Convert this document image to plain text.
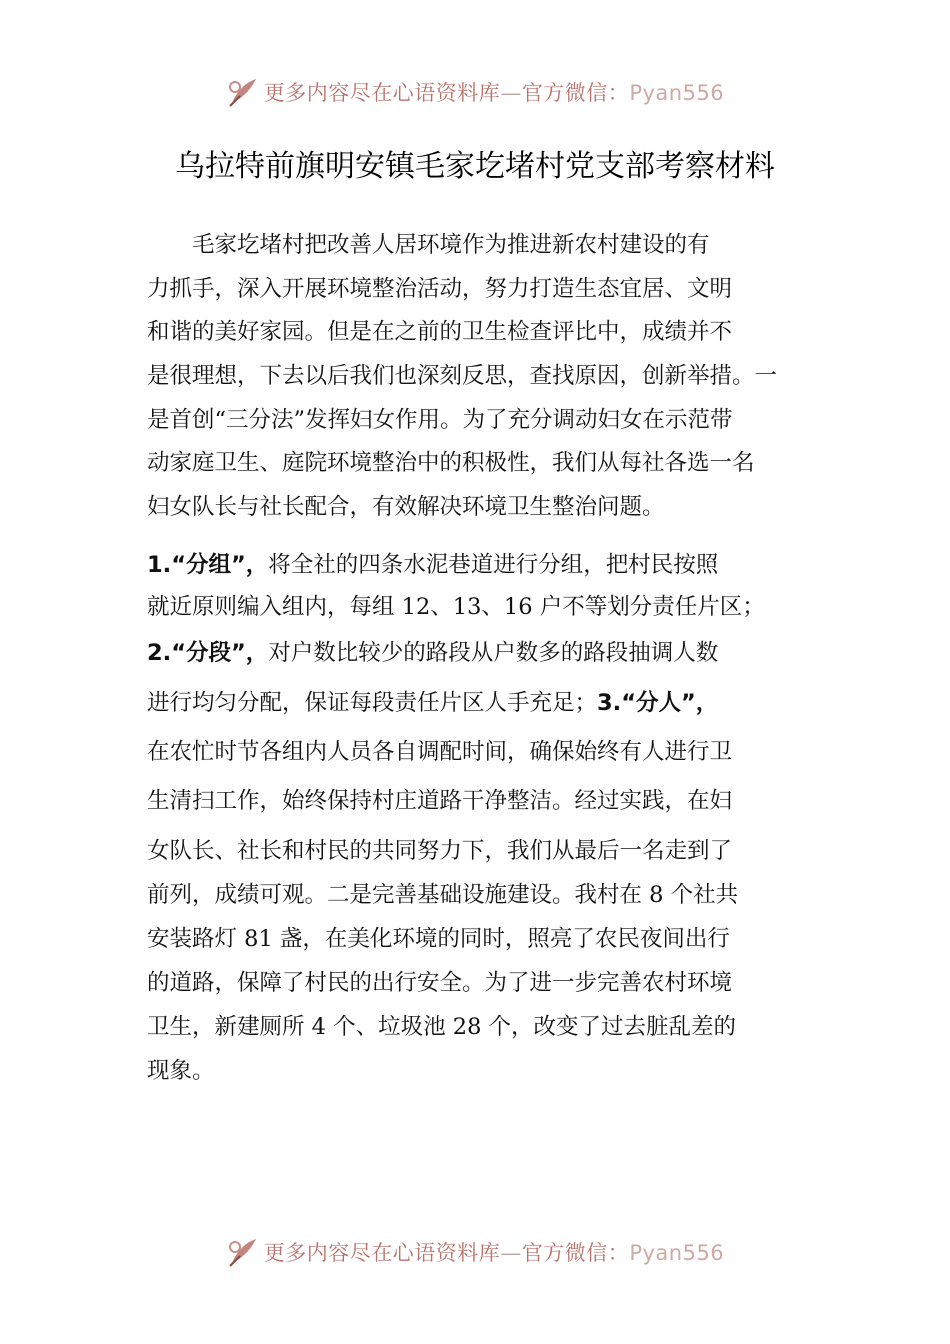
更多内容尽在心语资料库—官方微信：Pyan556
乌拉特前旗明安镇毛家圪堵村党支部考察材料
毛家圪堵村把改善人居环境作为推进新农村建设的有
力抓手，深入开展环境整治活动，努力打造生态宜居、文明
和谐的美好家园。但是在之前的卫生检查评比中，成绩并不
是很理想，下去以后我们也深刻反思，查找原因，创新举措。一
是首创“三分法”发挥妇女作用。为了充分调动妇女在示范带
动家庭卫生、庭院环境整治中的积极性，我们从每社各选一名
妇女队长与社长配合，有效解决环境卫生整治问题。
1.“分组”，将全社的四条水泥巷道进行分组，把村民按照
就近原则编入组内，每组 12、13、16 户不等划分责任片区；
2.“分段”，对户数比较少的路段从户数多的路段抽调人数
进行均匀分配，保证每段责任片区人手充足；3.“分人”，
在农忙时节各组内人员各自调配时间，确保始终有人进行卫
生清扫工作，始终保持村庄道路干净整洁。经过实践，在妇
女队长、社长和村民的共同努力下，我们从最后一名走到了
前列，成绩可观。二是完善基础设施建设。我村在 8 个社共
安装路灯 81 盏，在美化环境的同时，照亮了农民夜间出行
的道路，保障了村民的出行安全。为了进一步完善农村环境
卫生，新建厕所 4 个、垃圾池 28 个，改变了过去脏乱差的
现象。
更多内容尽在心语资料库—官方微信：Pyan556
